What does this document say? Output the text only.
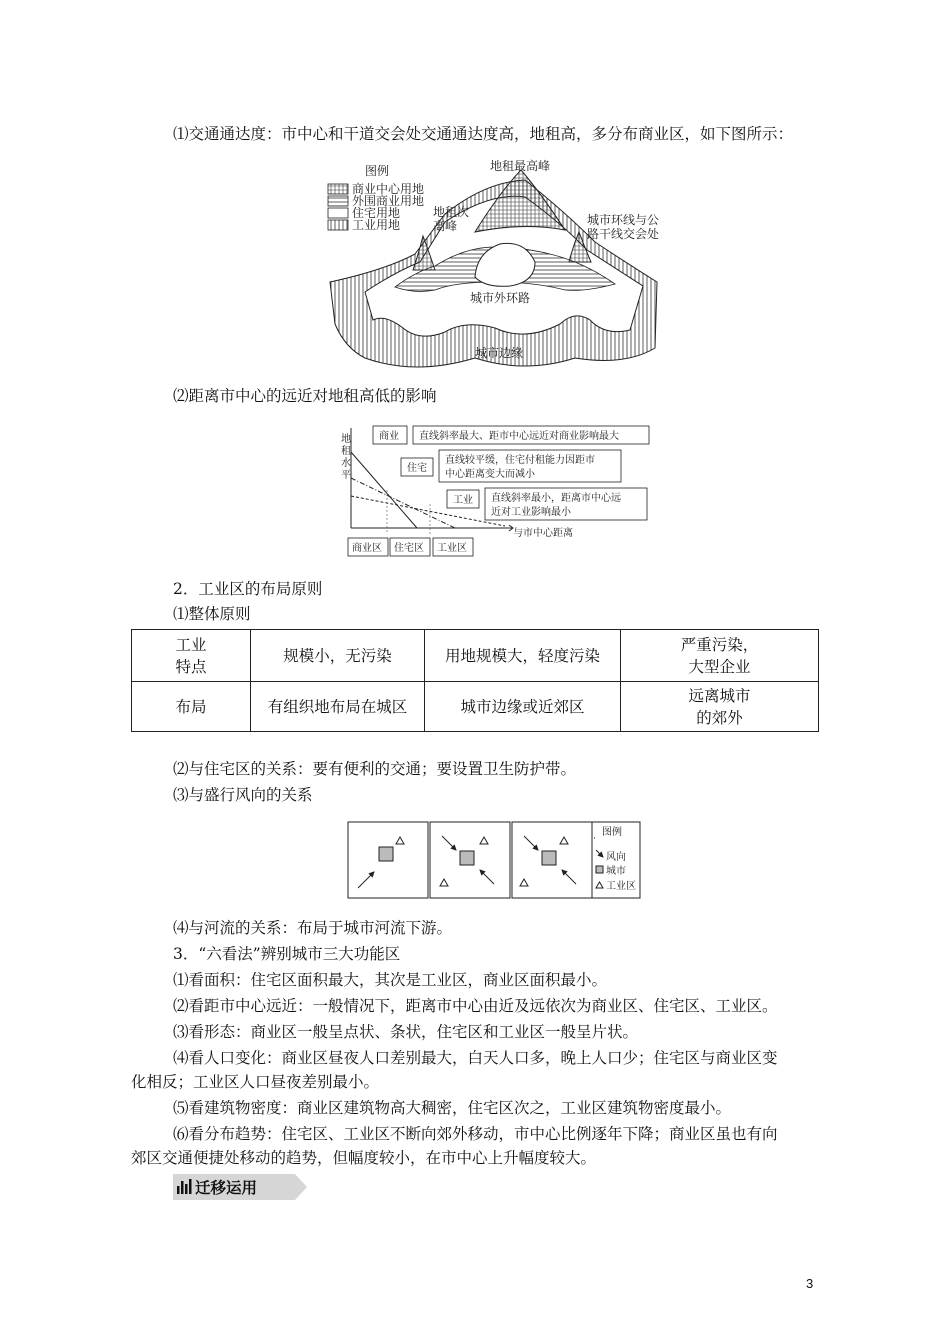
⑴交通通达度：市中心和干道交会处交通通达度高，地租高，多分布商业区，如下图所示：
图例
商业中心用地
外围商业用地
住宅用地
工业用地
地租最高峰
地租次
高峰	城市环线与公
路干线交会处
城市外环路
城市边缘
⑵距离市中心的远近对地租高低的影响
地
租
水
平
与市中心距离
商业 直线斜率最大、距市中心远近对商业影响最大
住宅
直线较平缓，住宅付租能力因距市
中心距离变大而减小
工业 直线斜率最小，距离市中心远
近对工业影响最小
商业区 住宅区 工业区
2．工业区的布局原则
⑴整体原则
工业
特点	规模小，无污染	用地规模大，轻度污染	严重污染，
大型企业
布局	有组织地布局在城区	城市边缘或近郊区	远离城市
的郊外
⑵与住宅区的关系：要有便利的交通；要设置卫生防护带。
⑶与盛行风向的关系
图例
风向
城市
工业区
⑷与河流的关系：布局于城市河流下游。
3．“六看法”辨别城市三大功能区
⑴看面积：住宅区面积最大，其次是工业区，商业区面积最小。
⑵看距市中心远近：一般情况下，距离市中心由近及远依次为商业区、住宅区、工业区。
⑶看形态：商业区一般呈点状、条状，住宅区和工业区一般呈片状。
⑷看人口变化：商业区昼夜人口差别最大，白天人口多，晚上人口少；住宅区与商业区变
化相反；工业区人口昼夜差别最小。
⑸看建筑物密度：商业区建筑物高大稠密，住宅区次之，工业区建筑物密度最小。
⑹看分布趋势：住宅区、工业区不断向郊外移动，市中心比例逐年下降；商业区虽也有向
郊区交通便捷处移动的趋势，但幅度较小，在市中心上升幅度较大。
迁移运用
3
